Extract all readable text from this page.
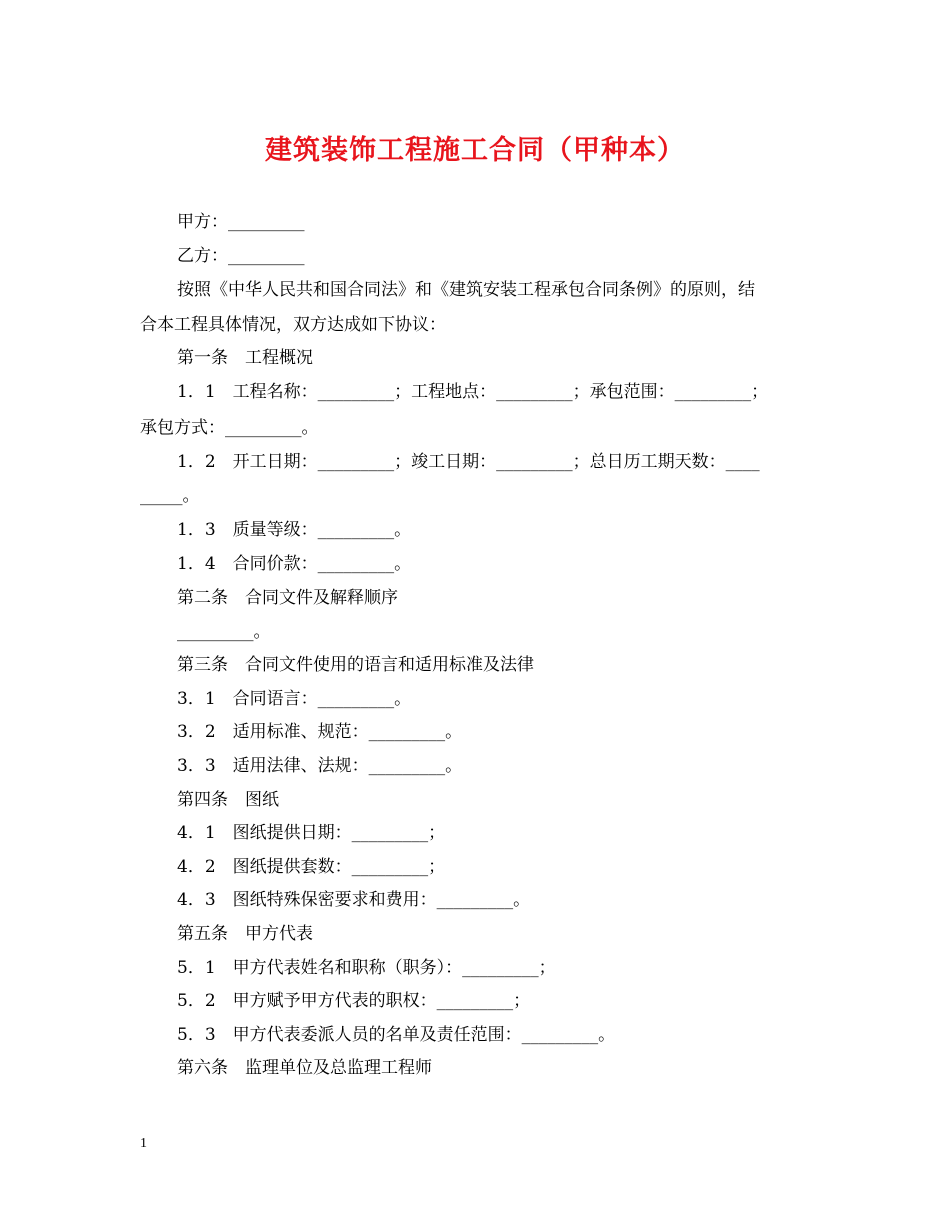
建筑装饰工程施工合同（甲种本）
甲方：_________
乙方：_________
按照《中华人民共和国合同法》和《建筑安装工程承包合同条例》的原则，结
合本工程具体情况，双方达成如下协议：
第一条　工程概况
1．1　工程名称：_________；工程地点：_________；承包范围：_________；
承包方式：_________。
1．2　开工日期：_________；竣工日期：_________；总日历工期天数：____
_____。
1．3　质量等级：_________。
1．4　合同价款：_________。
第二条　合同文件及解释顺序
_________。
第三条　合同文件使用的语言和适用标准及法律
3．1　合同语言：_________。
3．2　适用标准、规范：_________。
3．3　适用法律、法规：_________。
第四条　图纸
4．1　图纸提供日期：_________；
4．2　图纸提供套数：_________；
4．3　图纸特殊保密要求和费用：_________。
第五条　甲方代表
5．1　甲方代表姓名和职称（职务）：_________；
5．2　甲方赋予甲方代表的职权：_________；
5．3　甲方代表委派人员的名单及责任范围：_________。
第六条　监理单位及总监理工程师
1
